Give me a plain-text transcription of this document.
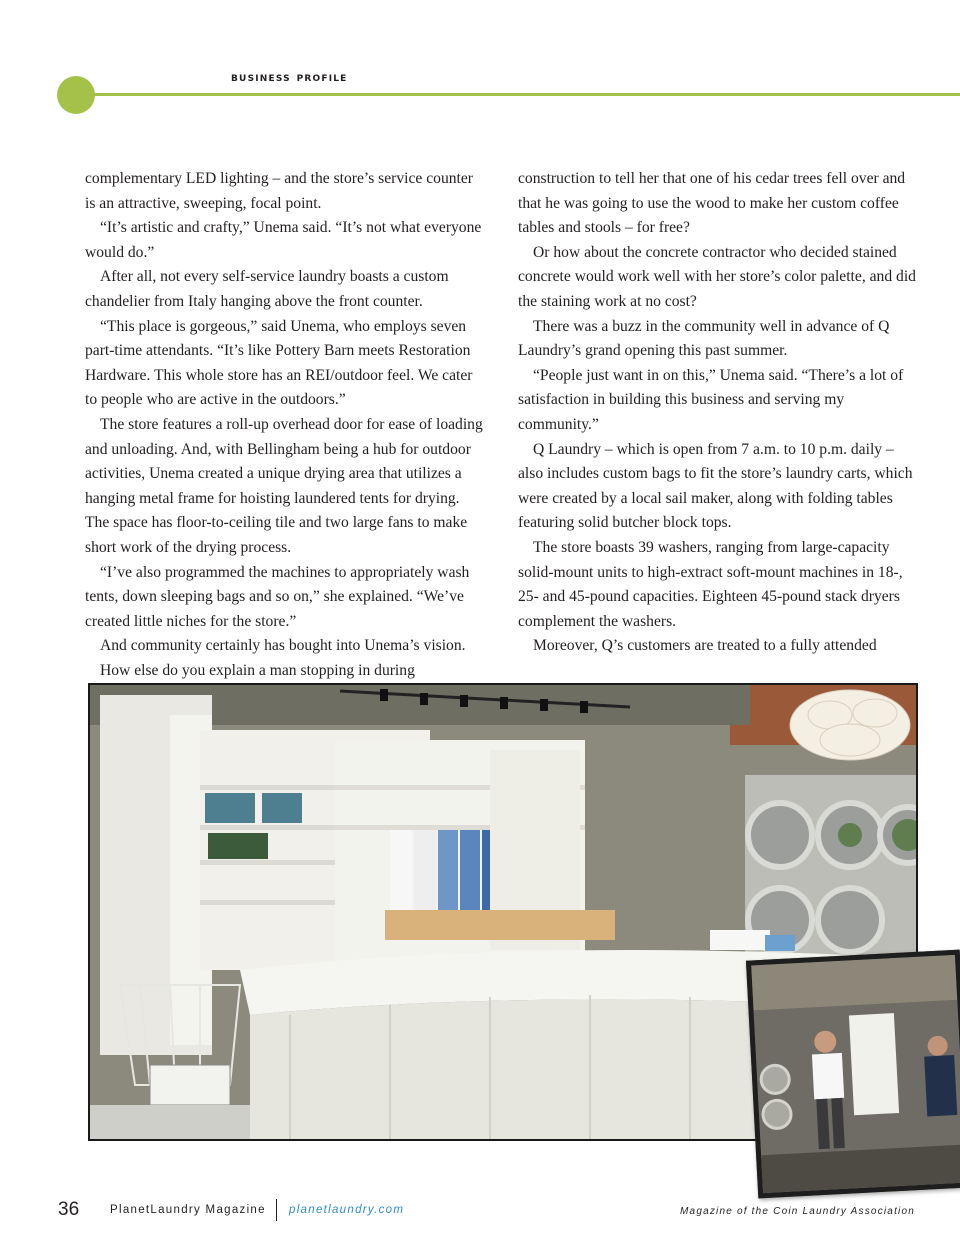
business profile

complementary LED lighting – and the store’s service counter is an attractive, sweeping, focal point.

“It’s artistic and crafty,” Unema said. “It’s not what everyone would do.”

After all, not every self-service laundry boasts a custom chandelier from Italy hanging above the front counter.

“This place is gorgeous,” said Unema, who employs seven part-time attendants. “It’s like Pottery Barn meets Restoration Hardware. This whole store has an REI/outdoor feel. We cater to people who are active in the outdoors.”

The store features a roll-up overhead door for ease of loading and unloading. And, with Bellingham being a hub for outdoor activities, Unema created a unique drying area that utilizes a hanging metal frame for hoisting laundered tents for drying. The space has floor-to-ceiling tile and two large fans to make short work of the drying process.

“I’ve also programmed the machines to appropriately wash tents, down sleeping bags and so on,” she explained. “We’ve created little niches for the store.”

And community certainly has bought into Unema’s vision.

How else do you explain a man stopping in during

construction to tell her that one of his cedar trees fell over and that he was going to use the wood to make her custom coffee tables and stools – for free?

Or how about the concrete contractor who decided stained concrete would work well with her store’s color palette, and did the staining work at no cost?

There was a buzz in the community well in advance of Q Laundry’s grand opening this past summer.

“People just want in on this,” Unema said. “There’s a lot of satisfaction in building this business and serving my community.”

Q Laundry – which is open from 7 a.m. to 10 p.m. daily – also includes custom bags to fit the store’s laundry carts, which were created by a local sail maker, along with folding tables featuring solid butcher block tops.

The store boasts 39 washers, ranging from large-capacity solid-mount units to high-extract soft-mount machines in 18-, 25- and 45-pound capacities. Eighteen 45-pound stack dryers complement the washers.

Moreover, Q’s customers are treated to a fully attended

36	PlanetLaundry Magazine planetlaundry.com	Magazine of the Coin Laundry Association
